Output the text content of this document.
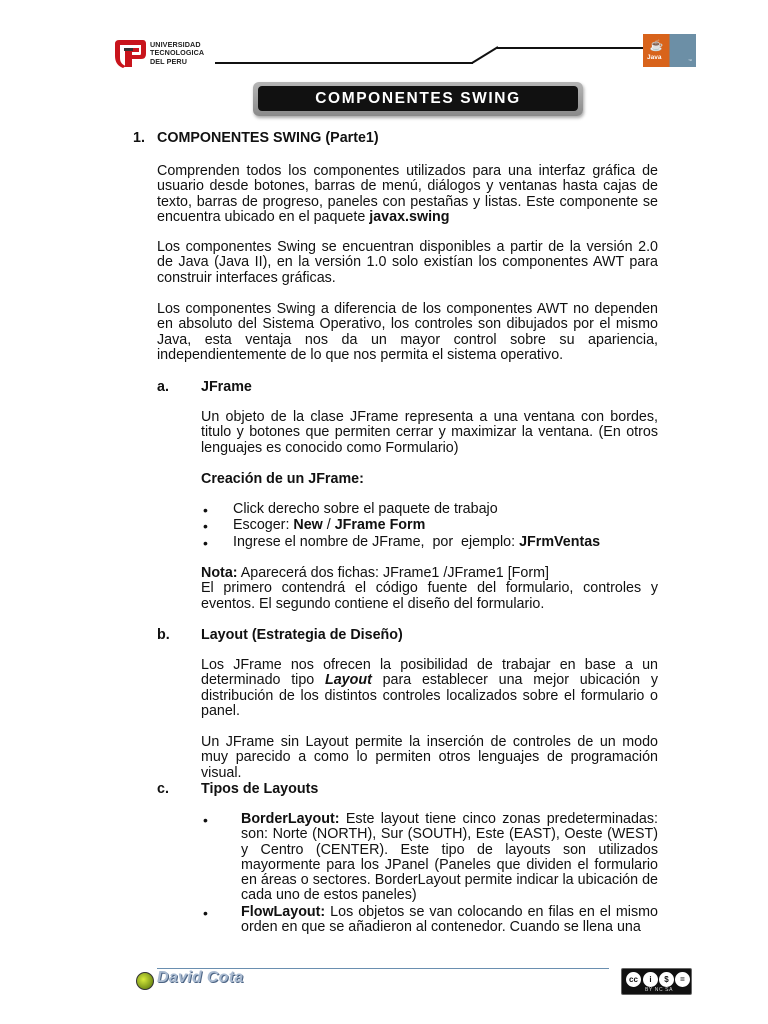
UNIVERSIDAD
TECNOLOGICA
DEL PERU
☕
Java	™
COMPONENTES SWING
1. COMPONENTES SWING (Parte1)

Comprenden todos los componentes utilizados para una interfaz gráfica de usuario desde botones, barras de menú, diálogos y ventanas hasta cajas de texto, barras de progreso, paneles con pestañas y listas. Este componente se encuentra ubicado en el paquete javax.swing

Los componentes Swing se encuentran disponibles a partir de la versión 2.0 de Java (Java II), en la versión 1.0 solo existían los componentes AWT para construir interfaces gráficas.

Los componentes Swing a diferencia de los componentes AWT no dependen en absoluto del Sistema Operativo, los controles son dibujados por el mismo Java, esta ventaja nos da un mayor control sobre su apariencia, independientemente de lo que nos permita el sistema operativo.

a. JFrame

Un objeto de la clase JFrame representa a una ventana con bordes, titulo y botones que permiten cerrar y maximizar la ventana. (En otros lenguajes es conocido como Formulario)

Creación de un JFrame:
• Click derecho sobre el paquete de trabajo
• Escoger: New / JFrame Form
• Ingrese el nombre de JFrame,  por  ejemplo: JFrmVentas

Nota: Aparecerá dos fichas: JFrame1 /JFrame1 [Form]
El primero contendrá el código fuente del formulario, controles y eventos. El segundo contiene el diseño del formulario.

b. Layout (Estrategia de Diseño)

Los JFrame nos ofrecen la posibilidad de trabajar en base a un determinado tipo Layout para establecer una mejor ubicación y distribución de los distintos controles localizados sobre el formulario o panel.

Un JFrame sin Layout permite la inserción de controles de un modo muy parecido a como lo permiten otros lenguajes de programación visual.

c. Tipos de Layouts
• BorderLayout: Este layout tiene cinco zonas predeterminadas: son: Norte (NORTH), Sur (SOUTH), Este (EAST), Oeste (WEST) y Centro (CENTER). Este tipo de layouts son utilizados mayormente para los JPanel (Paneles que dividen el formulario en áreas o sectores. BorderLayout permite indicar la ubicación de cada uno de estos paneles)

• FlowLayout: Los objetos se van colocando en filas en el mismo orden en que se añadieron al contenedor. Cuando se llena una

David Cota	cc	i	$	=
BY NC SA
